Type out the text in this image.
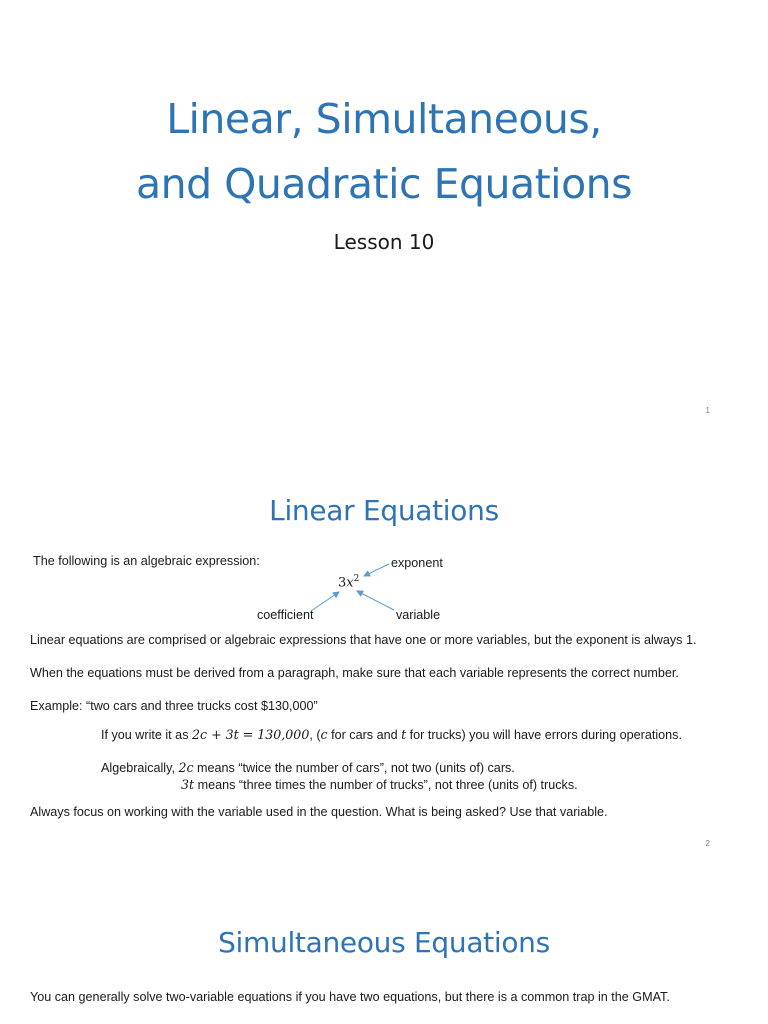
Linear, Simultaneous,
and Quadratic Equations
Lesson 10
1
Linear Equations
The following is an algebraic expression:
$3x^2$
exponent
coefficient	variable
Linear equations are comprised or algebraic expressions that have one or more variables, but the exponent is always 1.
When the equations must be derived from a paragraph, make sure that each variable represents the correct number.
Example: “two cars and three trucks cost $130,000”
If you write it as 2c + 3t = 130,000, (c for cars and t for trucks) you will have errors during operations.
Algebraically, 2c means “twice the number of cars”, not two (units of) cars.
3t means “three times the number of trucks”, not three (units of) trucks.
Always focus on working with the variable used in the question. What is being asked? Use that variable.
2
Simultaneous Equations
You can generally solve two-variable equations if you have two equations, but there is a common trap in the GMAT.
